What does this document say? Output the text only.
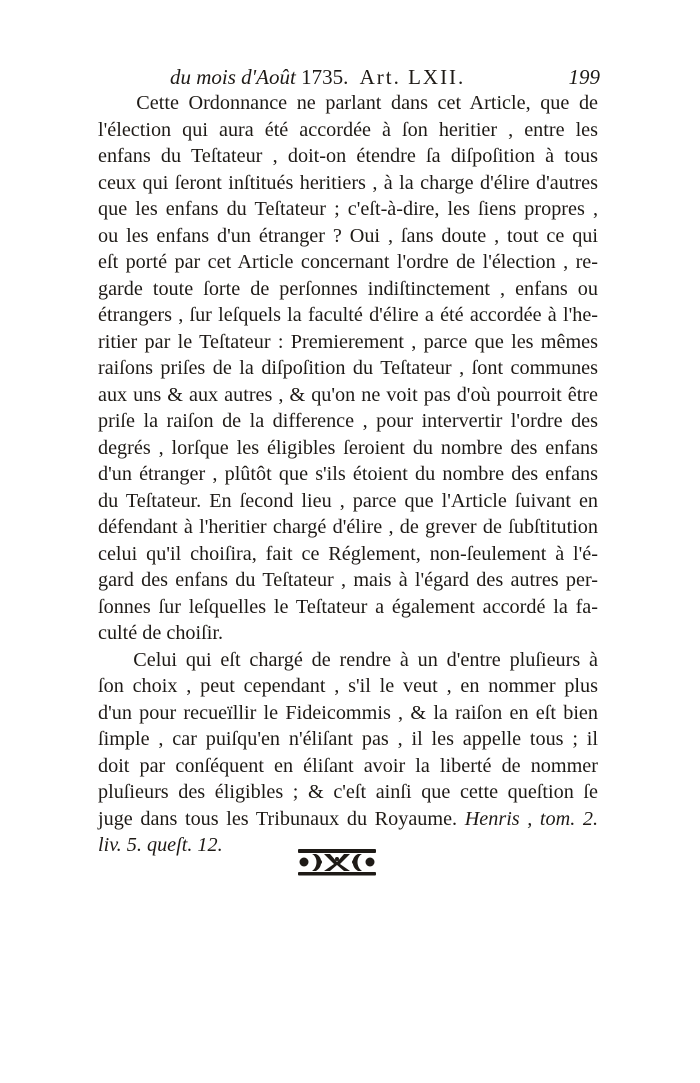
du mois d'Août 1735. Art. LXII.	199
Cette Ordonnance ne parlant dans cet Article, que de
l'élection qui aura été accordée à ſon heritier , entre les
enfans du Teſtateur , doit-on étendre ſa diſpoſition à tous
ceux qui ſeront inſtitués heritiers , à la charge d'élire d'autres
que les enfans du Teſtateur ; c'eſt-à-dire, les ſiens propres ,
ou les enfans d'un étranger ? Oui , ſans doute , tout ce qui
eſt porté par cet Article concernant l'ordre de l'élection , re-
garde toute ſorte de perſonnes indiſtinctement , enfans ou
étrangers , ſur leſquels la faculté d'élire a été accordée à l'he-
ritier par le Teſtateur : Premierement , parce que les mêmes
raiſons priſes de la diſpoſition du Teſtateur , ſont communes
aux uns & aux autres , & qu'on ne voit pas d'où pourroit être
priſe la raiſon de la difference , pour intervertir l'ordre des
degrés , lorſque les éligibles ſeroient du nombre des enfans
d'un étranger , plûtôt que s'ils étoient du nombre des enfans
du Teſtateur. En ſecond lieu , parce que l'Article ſuivant en
défendant à l'heritier chargé d'élire , de grever de ſubſtitution
celui qu'il choiſira, fait ce Réglement, non-ſeulement à l'é-
gard des enfans du Teſtateur , mais à l'égard des autres per-
ſonnes ſur leſquelles le Teſtateur a également accordé la fa-
culté de choiſir.
Celui qui eſt chargé de rendre à un d'entre pluſieurs à
ſon choix , peut cependant , s'il le veut , en nommer plus
d'un pour recueïllir le Fideicommis , & la raiſon en eſt bien
ſimple , car puiſqu'en n'éliſant pas , il les appelle tous ; il
doit par conſéquent en éliſant avoir la liberté de nommer
pluſieurs des éligibles ; & c'eſt ainſi que cette queſtion ſe
juge dans tous les Tribunaux du Royaume. Henris , tom. 2.
liv. 5. queſt. 12.
